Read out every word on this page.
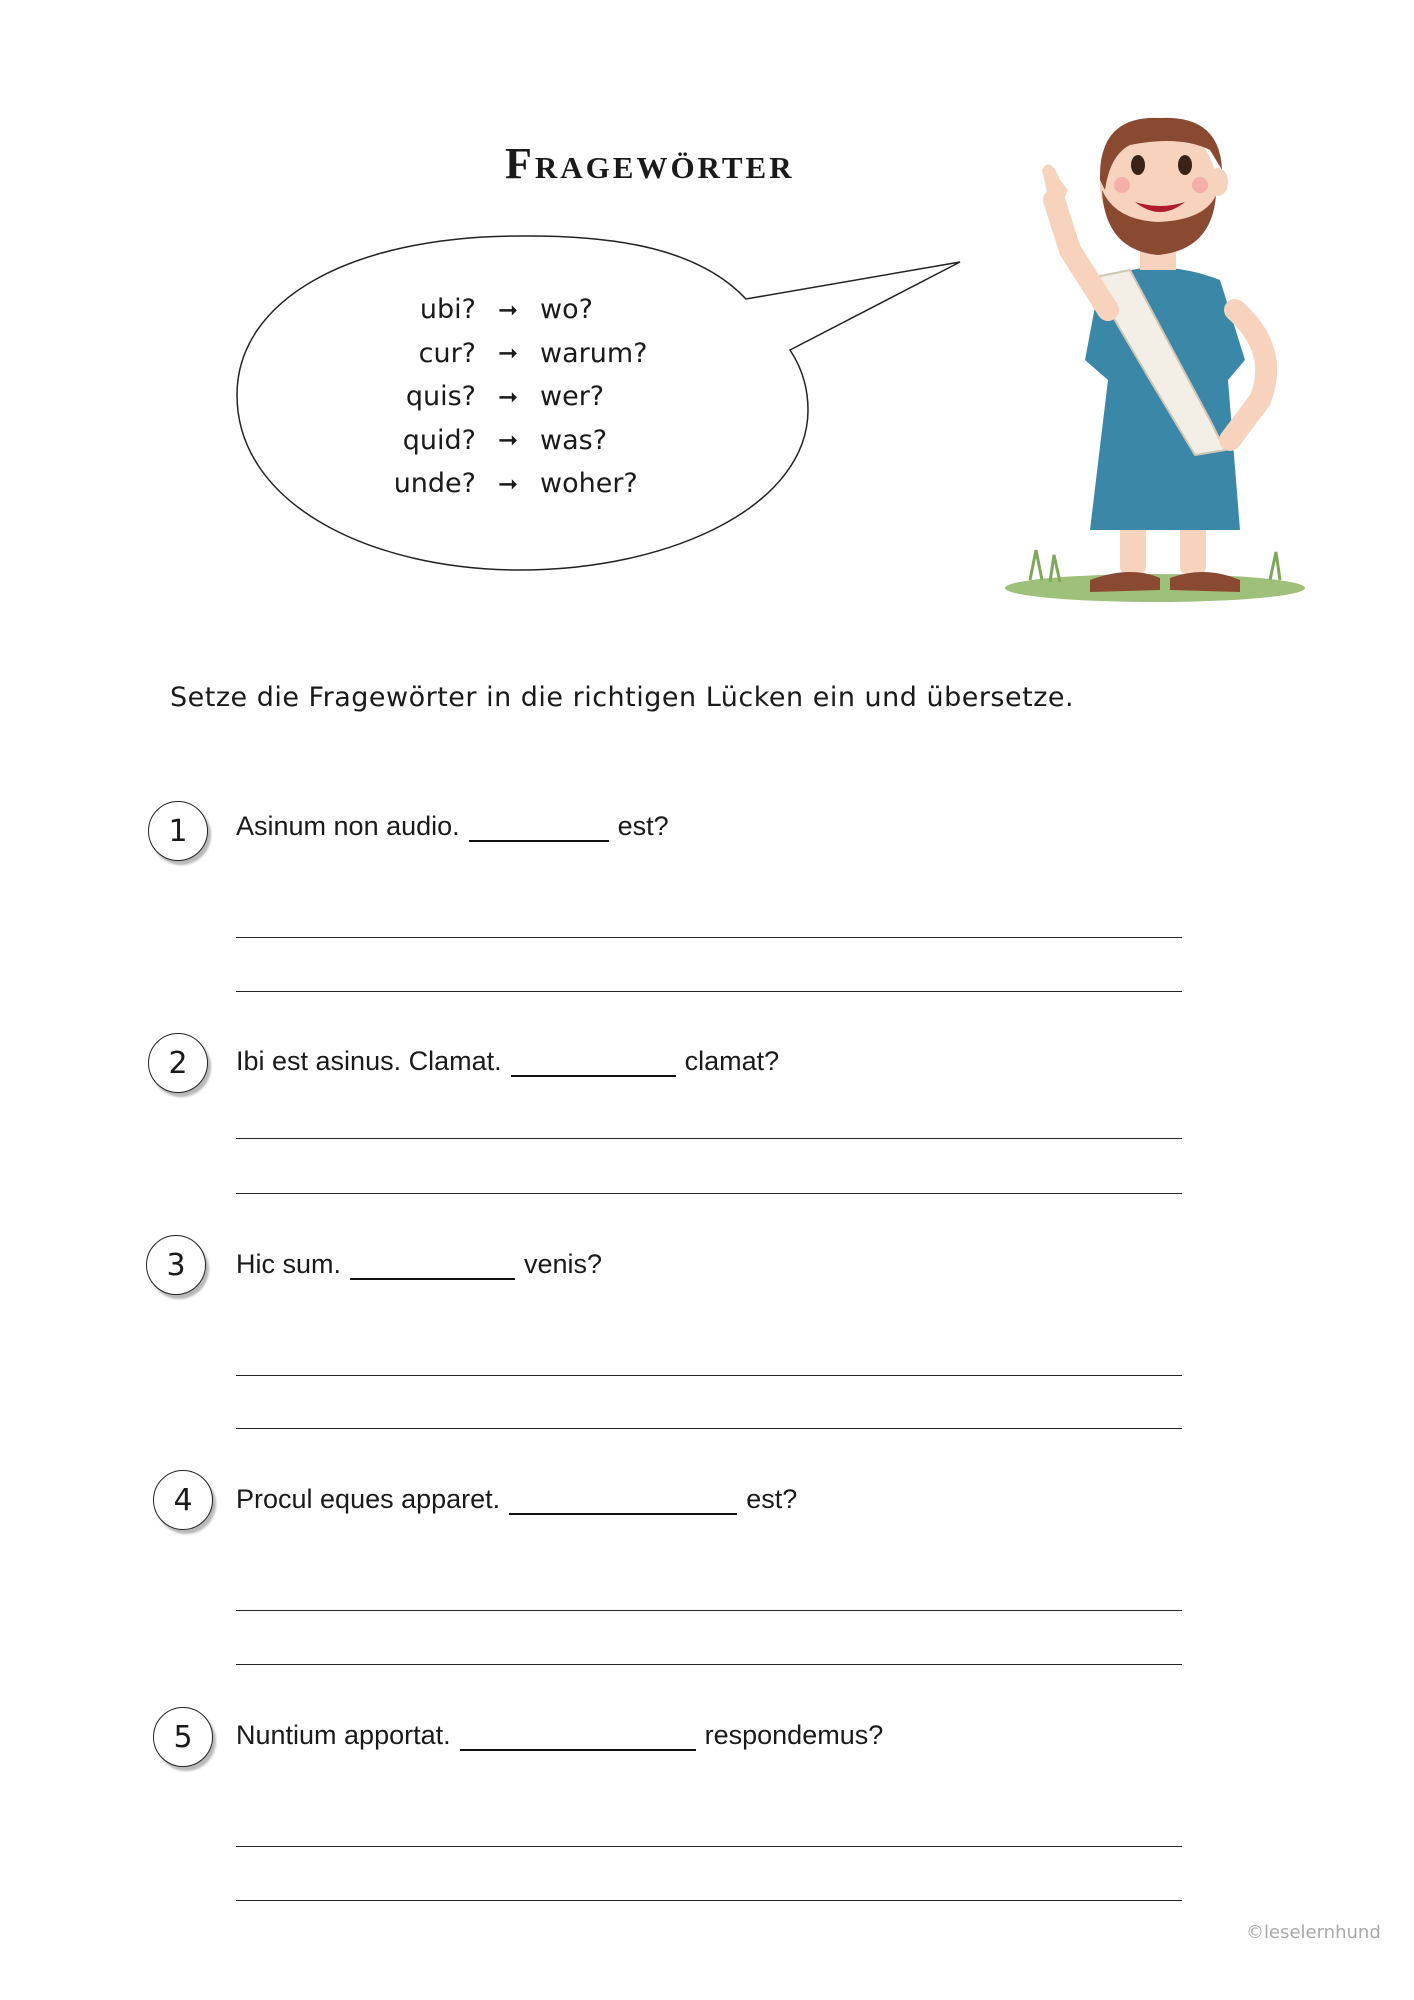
Fragewörter
ubi? ➞ wo?
cur? ➞ warum?
quis? ➞ wer?
quid? ➞ was?
unde? ➞ woher?

Setze die Fragewörter in die richtigen Lücken ein und übersetze.

1	Asinum non audio.	est?
2	Ibi est asinus. Clamat.	clamat?
3	Hic sum.	venis?
4	Procul eques apparet.	est?
5	Nuntium apportat.	respondemus?
©leselernhund
